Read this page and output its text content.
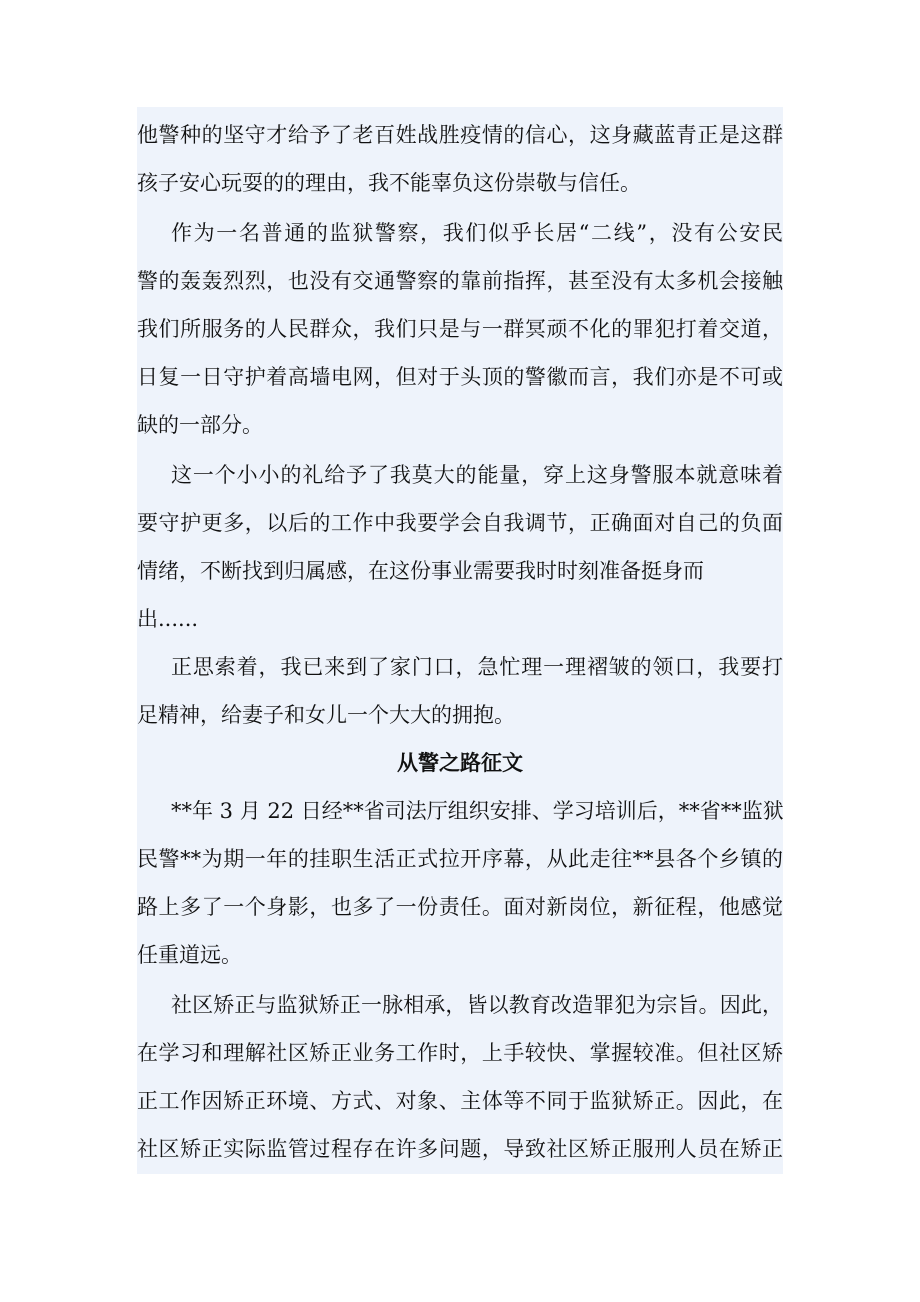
他警种的坚守才给予了老百姓战胜疫情的信心，这身藏蓝青正是这群
孩子安心玩耍的的理由，我不能辜负这份崇敬与信任。
作为一名普通的监狱警察，我们似乎长居“二线”，没有公安民
警的轰轰烈烈，也没有交通警察的靠前指挥，甚至没有太多机会接触
我们所服务的人民群众，我们只是与一群冥顽不化的罪犯打着交道，
日复一日守护着高墙电网，但对于头顶的警徽而言，我们亦是不可或
缺的一部分。
这一个小小的礼给予了我莫大的能量，穿上这身警服本就意味着
要守护更多，以后的工作中我要学会自我调节，正确面对自己的负面
情绪，不断找到归属感，在这份事业需要我时时刻准备挺身而
出......
正思索着，我已来到了家门口，急忙理一理褶皱的领口，我要打
足精神，给妻子和女儿一个大大的拥抱。
从警之路征文
**年 3 月 22 日经**省司法厅组织安排、学习培训后，**省**监狱
民警**为期一年的挂职生活正式拉开序幕，从此走往**县各个乡镇的
路上多了一个身影，也多了一份责任。面对新岗位，新征程，他感觉
任重道远。
社区矫正与监狱矫正一脉相承，皆以教育改造罪犯为宗旨。因此，
在学习和理解社区矫正业务工作时，上手较快、掌握较准。但社区矫
正工作因矫正环境、方式、对象、主体等不同于监狱矫正。因此，在
社区矫正实际监管过程存在许多问题，导致社区矫正服刑人员在矫正
